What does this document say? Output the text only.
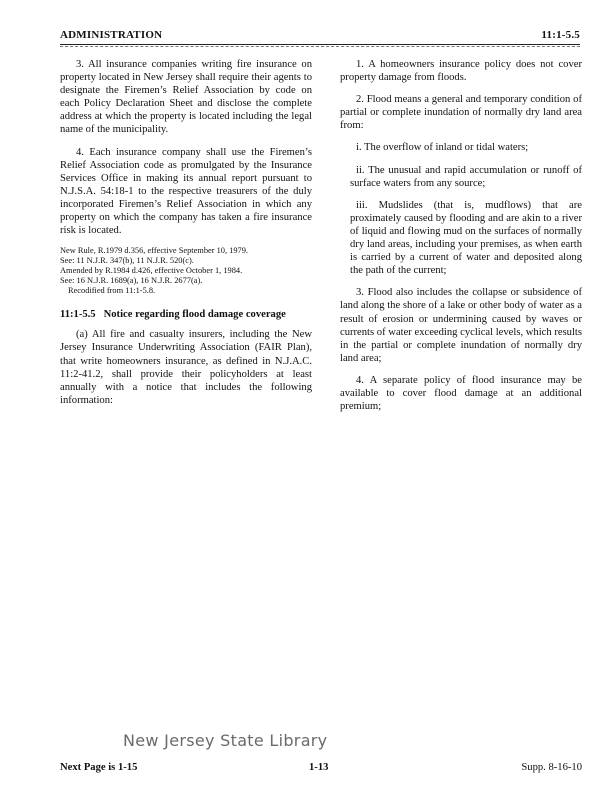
ADMINISTRATION	11:1-5.5

3. All insurance companies writing fire insurance on property located in New Jersey shall require their agents to designate the Firemen’s Relief Association by code on each Policy Declaration Sheet and disclose the complete address at which the property is located including the legal name of the municipality.

4. Each insurance company shall use the Firemen’s Relief Association code as promulgated by the Insurance Services Office in making its annual report pursuant to N.J.S.A. 54:18-1 to the respective treasurers of the duly incorporated Firemen’s Relief Association in which any property on which the company has taken a fire insurance risk is located.

New Rule, R.1979 d.356, effective September 10, 1979.
See: 11 N.J.R. 347(b), 11 N.J.R. 520(c).
Amended by R.1984 d.426, effective October 1, 1984.
See: 16 N.J.R. 1689(a), 16 N.J.R. 2677(a).
Recodified from 11:1-5.8.

11:1-5.5 Notice regarding flood damage coverage

(a) All fire and casualty insurers, including the New Jersey Insurance Underwriting Association (FAIR Plan), that write homeowners insurance, as defined in N.J.A.C. 11:2-41.2, shall provide their policyholders at least annually with a notice that includes the following information:

1. A homeowners insurance policy does not cover property damage from floods.

2. Flood means a general and temporary condition of partial or complete inundation of normally dry land area from:

i. The overflow of inland or tidal waters;

ii. The unusual and rapid accumulation or runoff of surface waters from any source;

iii. Mudslides (that is, mudflows) that are proximately caused by flooding and are akin to a river of liquid and flowing mud on the surfaces of normally dry land areas, including your premises, as when earth is carried by a current of water and deposited along the path of the current;

3. Flood also includes the collapse or subsidence of land along the shore of a lake or other body of water as a result of erosion or undermining caused by waves or currents of water exceeding cyclical levels, which results in the partial or complete inundation of normally dry land area;

4. A separate policy of flood insurance may be available to cover flood damage at an additional premium;

New Jersey State Library
Next Page is 1-15	1-13	Supp. 8-16-10
